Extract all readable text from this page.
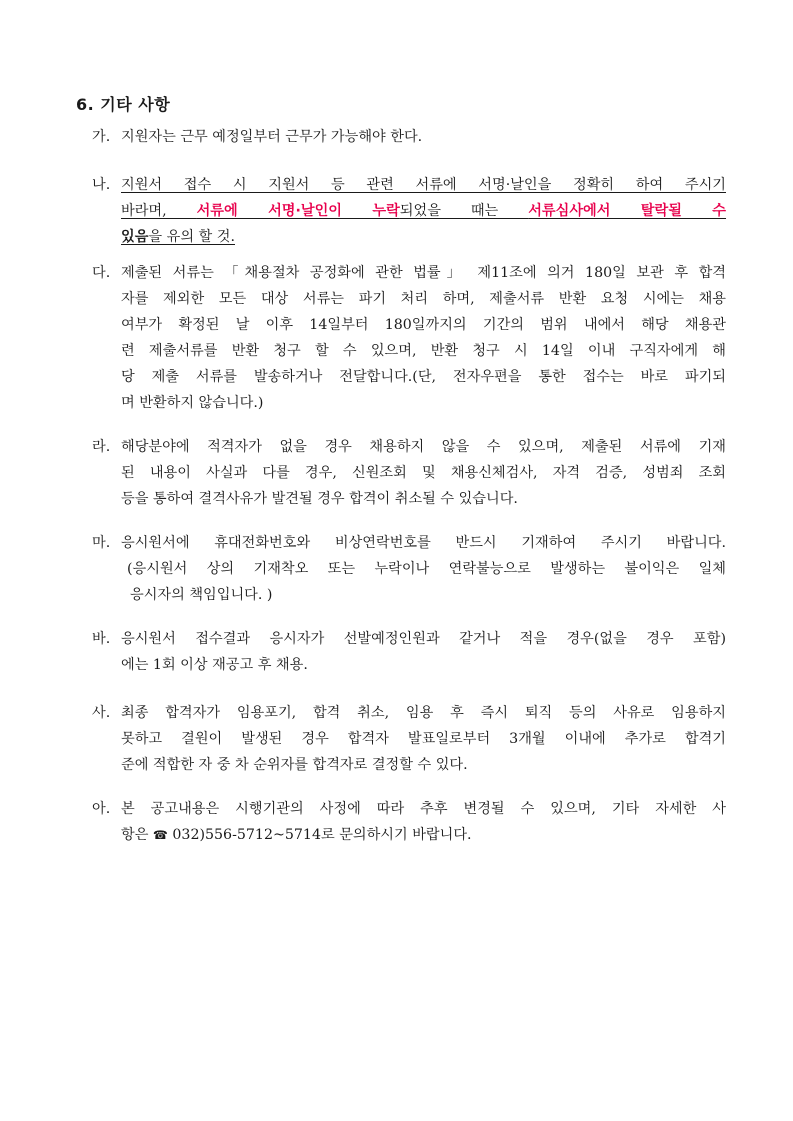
6. 기타 사항
가. 지원자는 근무 예정일부터 근무가 가능해야 한다.
나. 지원서 접수 시 지원서 등 관련 서류에 서명·날인을 정확히 하여 주시기
바라며, 서류에 서명·날인이 누락되었을 때는 서류심사에서 탈락될 수
있음을 유의 할 것.
다. 제출된 서류는 「채용절차 공정화에 관한 법률」 제11조에 의거 180일 보관 후 합격
자를 제외한 모든 대상 서류는 파기 처리 하며, 제출서류 반환 요청 시에는 채용
여부가 확정된 날 이후 14일부터 180일까지의 기간의 범위 내에서 해당 채용관
련 제출서류를 반환 청구 할 수 있으며, 반환 청구 시 14일 이내 구직자에게 해
당 제출 서류를 발송하거나 전달합니다.(단, 전자우편을 통한 접수는 바로 파기되
며 반환하지 않습니다.)
라. 해당분야에 적격자가 없을 경우 채용하지 않을 수 있으며, 제출된 서류에 기재
된 내용이 사실과 다를 경우, 신원조회 및 채용신체검사, 자격 검증, 성범죄 조회
등을 통하여 결격사유가 발견될 경우 합격이 취소될 수 있습니다.
마. 응시원서에 휴대전화번호와 비상연락번호를 반드시 기재하여 주시기 바랍니다.
(응시원서 상의 기재착오 또는 누락이나 연락불능으로 발생하는 불이익은 일체
응시자의 책임입니다. )
바. 응시원서 접수결과 응시자가 선발예정인원과 같거나 적을 경우(없을 경우 포함)
에는 1회 이상 재공고 후 채용.
사. 최종 합격자가 임용포기, 합격 취소, 임용 후 즉시 퇴직 등의 사유로 임용하지
못하고 결원이 발생된 경우 합격자 발표일로부터 3개월 이내에 추가로 합격기
준에 적합한 자 중 차 순위자를 합격자로 결정할 수 있다.
아. 본 공고내용은 시행기관의 사정에 따라 추후 변경될 수 있으며, 기타 자세한 사
항은 ☎ 032)556-5712~5714로 문의하시기 바랍니다.
